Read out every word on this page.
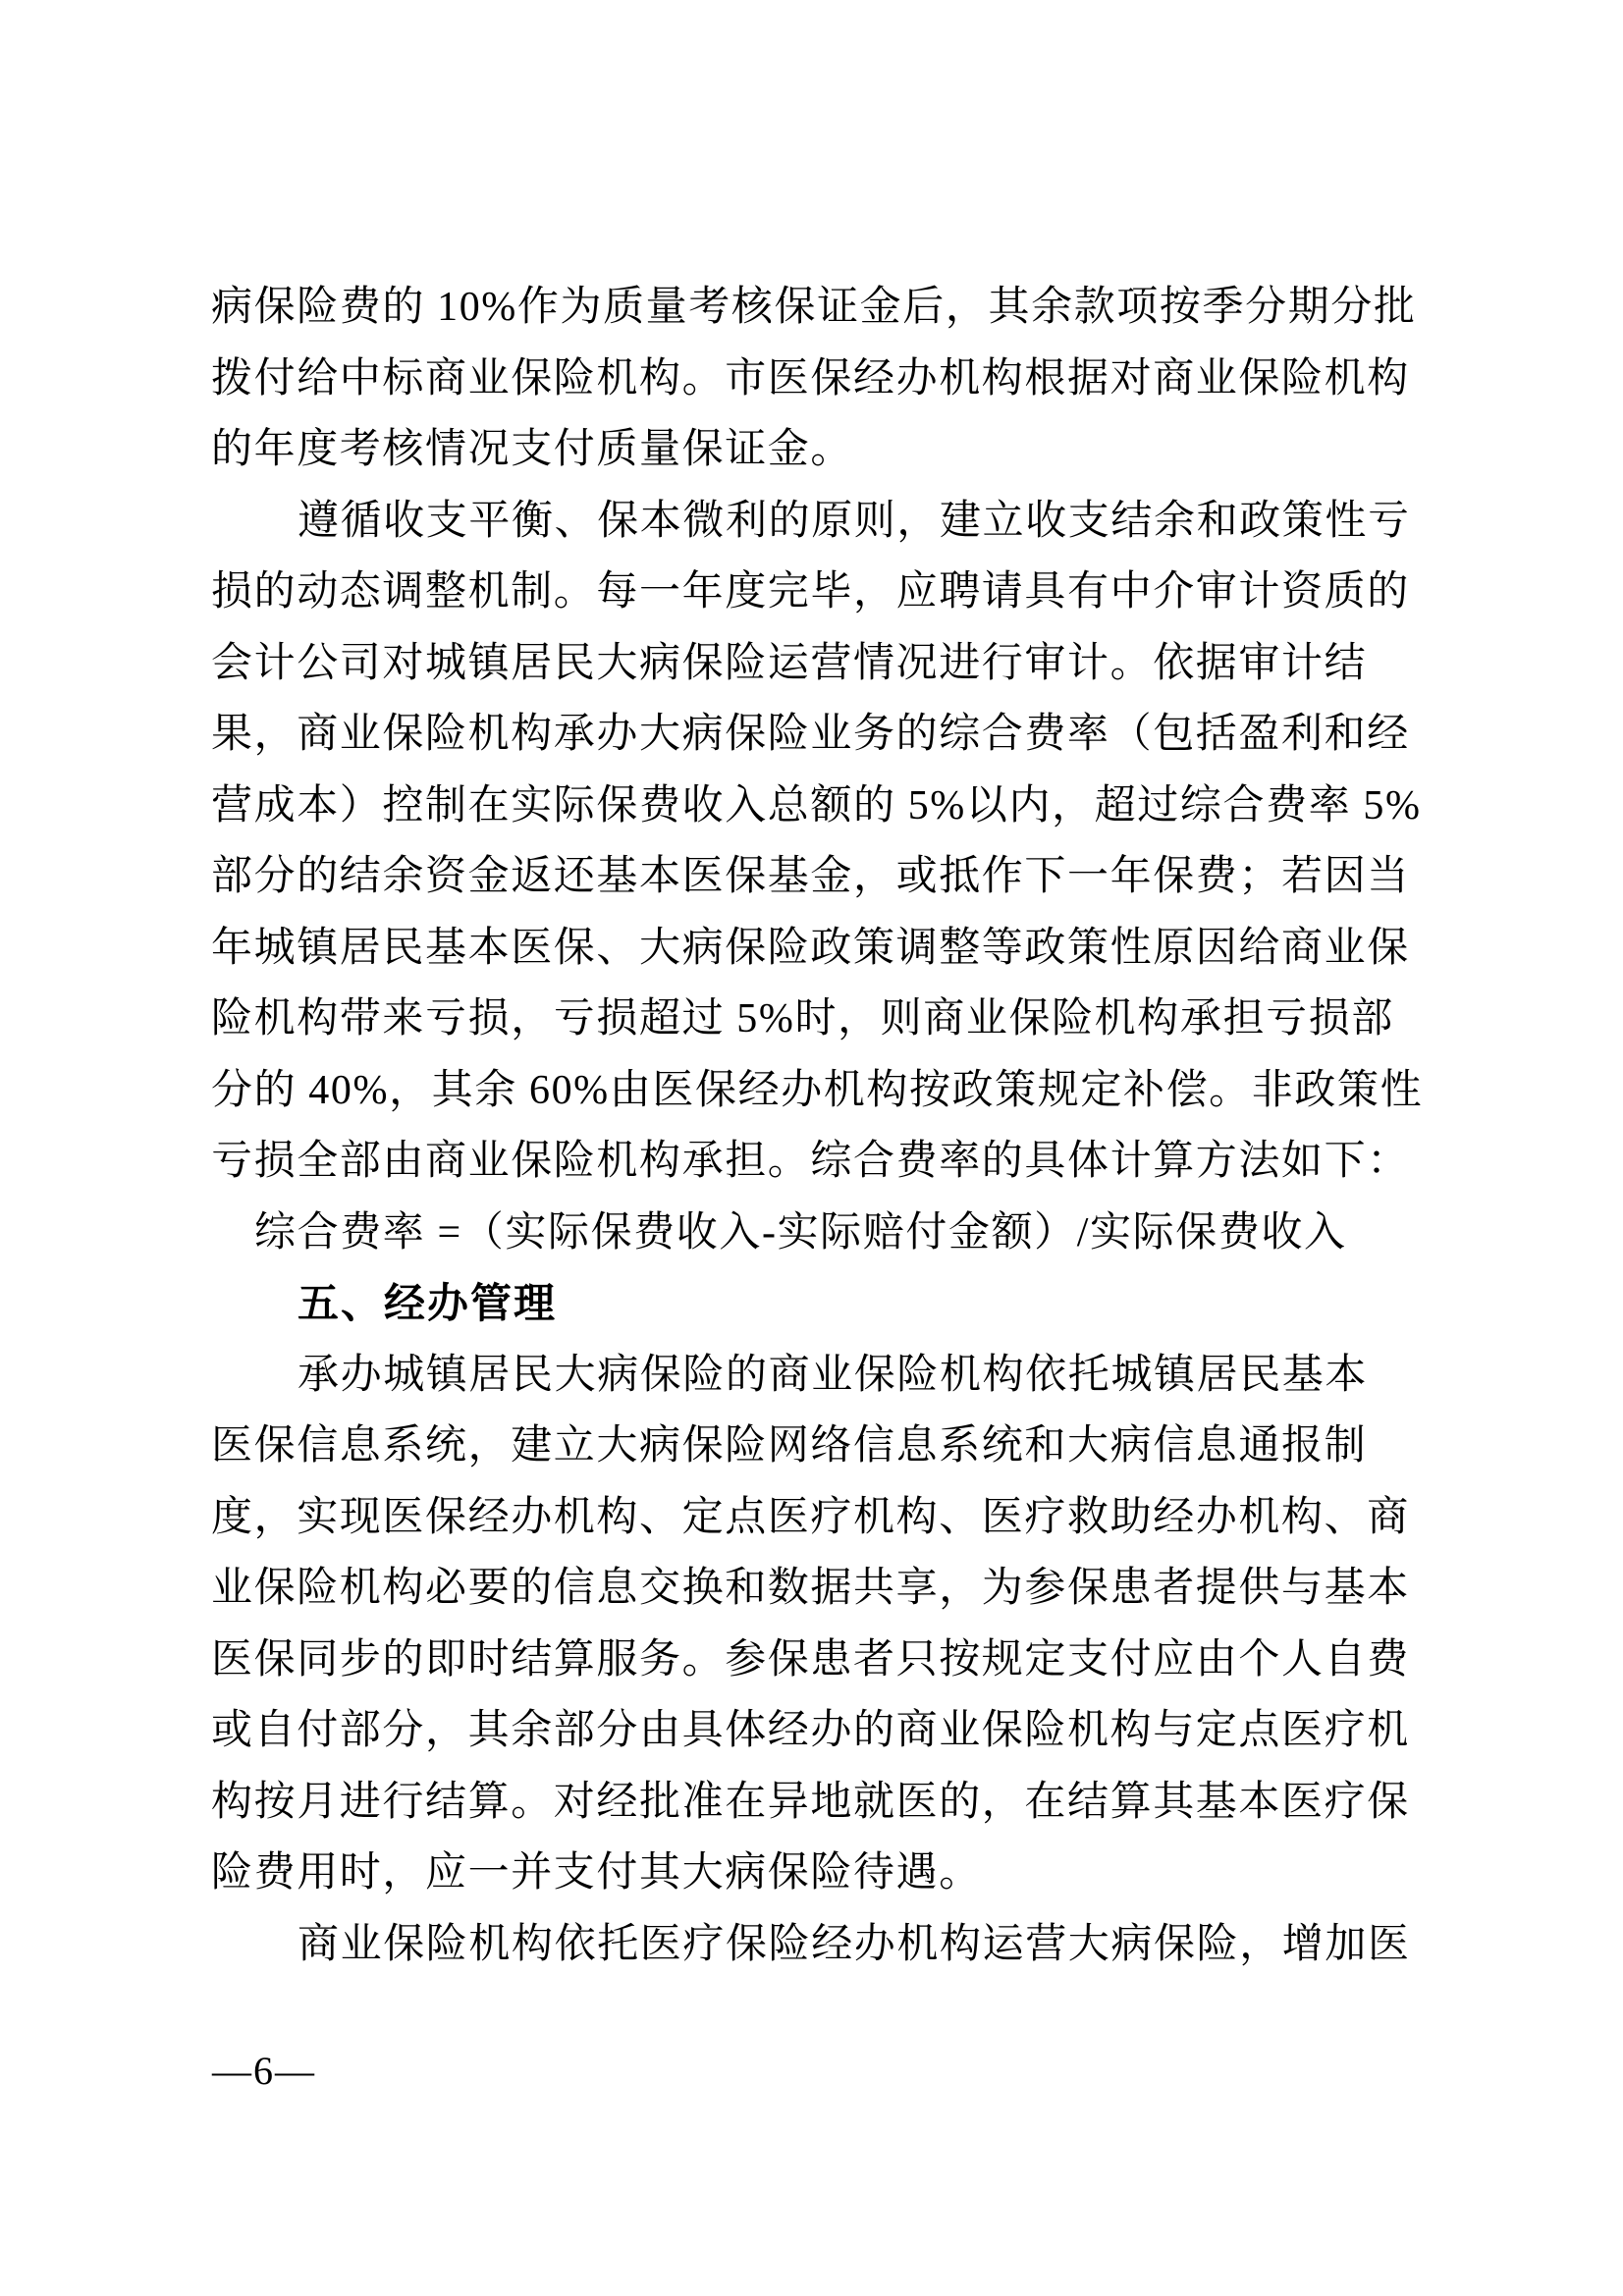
病保险费的 10%作为质量考核保证金后，其余款项按季分期分批
拨付给中标商业保险机构。市医保经办机构根据对商业保险机构
的年度考核情况支付质量保证金。
遵循收支平衡、保本微利的原则，建立收支结余和政策性亏
损的动态调整机制。每一年度完毕，应聘请具有中介审计资质的
会计公司对城镇居民大病保险运营情况进行审计。依据审计结
果，商业保险机构承办大病保险业务的综合费率（包括盈利和经
营成本）控制在实际保费收入总额的 5%以内，超过综合费率 5%
部分的结余资金返还基本医保基金，或抵作下一年保费；若因当
年城镇居民基本医保、大病保险政策调整等政策性原因给商业保
险机构带来亏损，亏损超过 5%时，则商业保险机构承担亏损部
分的 40%，其余 60%由医保经办机构按政策规定补偿。非政策性
亏损全部由商业保险机构承担。综合费率的具体计算方法如下：
综合费率 =（实际保费收入-实际赔付金额）/实际保费收入
五、经办管理
承办城镇居民大病保险的商业保险机构依托城镇居民基本
医保信息系统，建立大病保险网络信息系统和大病信息通报制
度，实现医保经办机构、定点医疗机构、医疗救助经办机构、商
业保险机构必要的信息交换和数据共享，为参保患者提供与基本
医保同步的即时结算服务。参保患者只按规定支付应由个人自费
或自付部分，其余部分由具体经办的商业保险机构与定点医疗机
构按月进行结算。对经批准在异地就医的，在结算其基本医疗保
险费用时，应一并支付其大病保险待遇。
商业保险机构依托医疗保险经办机构运营大病保险，增加医
—6—
